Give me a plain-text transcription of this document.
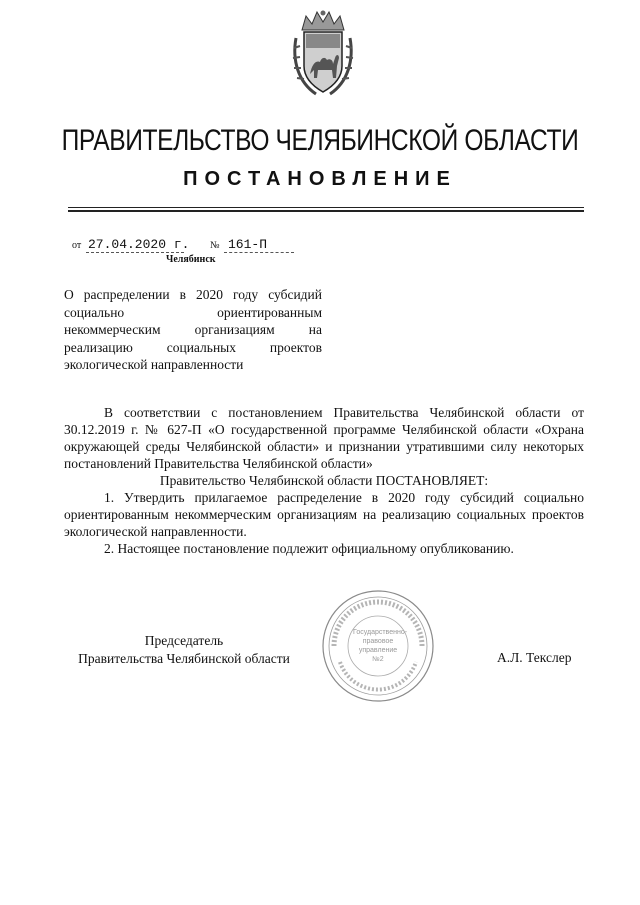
ПРАВИТЕЛЬСТВО ЧЕЛЯБИНСКОЙ ОБЛАСТИ
ПОСТАНОВЛЕНИЕ
от 27.04.2020 г. № 161-П
Челябинск
О распределении в 2020 году субсидий социально ориентированным некоммерческим организациям на реализацию социальных проектов экологической направленности

В соответствии с постановлением Правительства Челябинской области от 30.12.2019 г. № 627-П «О государственной программе Челябинской области «Охрана окружающей среды Челябинской области» и признании утратившими силу некоторых постановлений Правительства Челябинской области»

Правительство Челябинской области ПОСТАНОВЛЯЕТ:

1. Утвердить прилагаемое распределение в 2020 году субсидий социально ориентированным некоммерческим организациям на реализацию социальных проектов экологической направленности.

2. Настоящее постановление подлежит официальному опубликованию.

Председатель
Правительства Челябинской области	А.Л. Текслер
Государственно-правовое управление №2
